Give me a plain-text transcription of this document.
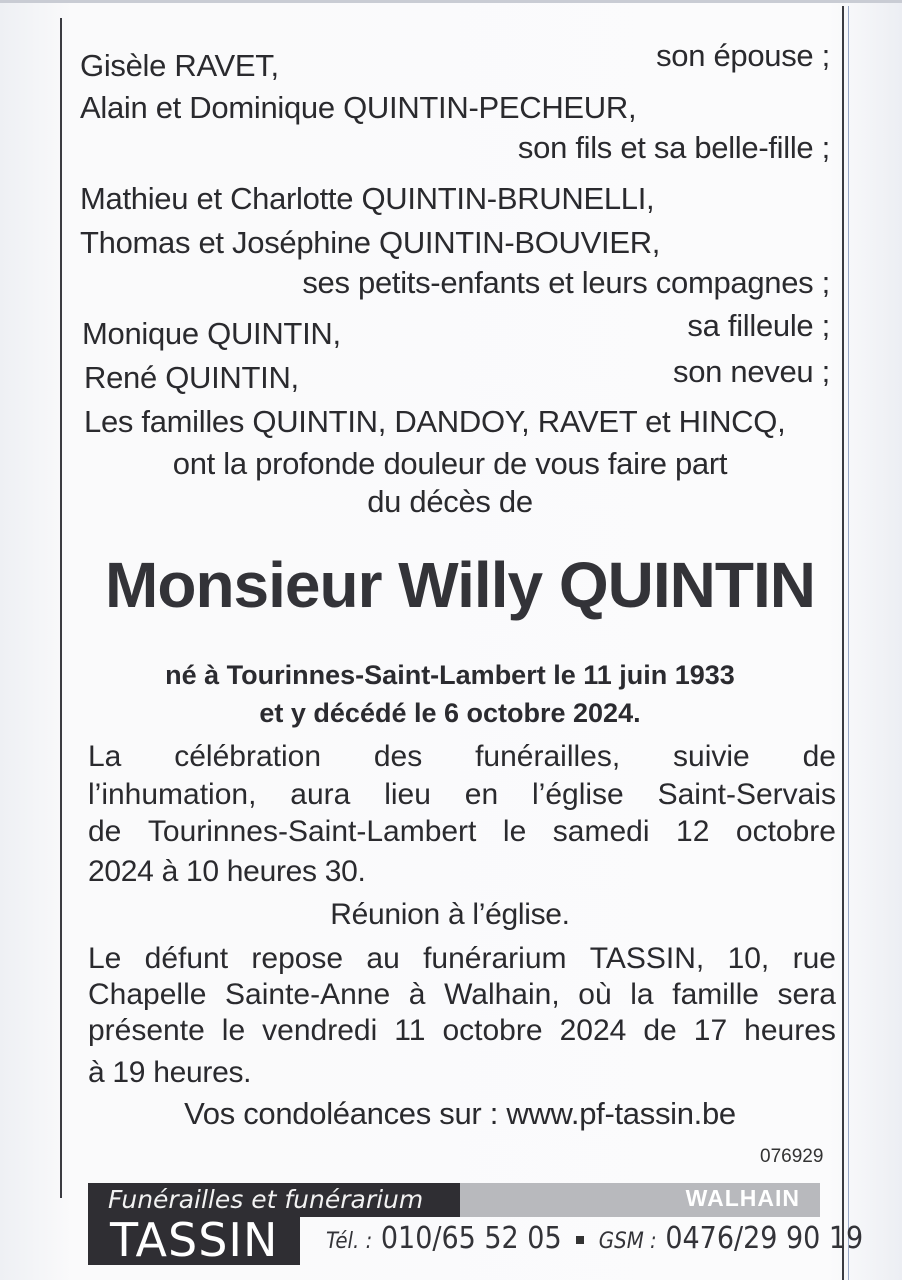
Gisèle RAVET,	son épouse ;
Alain et Dominique QUINTIN-PECHEUR,
son fils et sa belle-fille ;
Mathieu et Charlotte QUINTIN-BRUNELLI,
Thomas et Joséphine QUINTIN-BOUVIER,
ses petits-enfants et leurs compagnes ;
Monique QUINTIN,	sa filleule ;
René QUINTIN,	son neveu ;
Les familles QUINTIN, DANDOY, RAVET et HINCQ,
ont la profonde douleur de vous faire part
du décès de
Monsieur Willy QUINTIN
né à Tourinnes-Saint-Lambert le 11 juin 1933
et y décédé le 6 octobre 2024.
La célébration des funérailles, suivie de
l’inhumation, aura lieu en l’église Saint-Servais
de Tourinnes-Saint-Lambert le samedi 12 octobre
2024 à 10 heures 30.
Réunion à l’église.
Le défunt repose au funérarium TASSIN, 10, rue
Chapelle Sainte-Anne à Walhain, où la famille sera
présente le vendredi 11 octobre 2024 de 17 heures
à 19 heures.
Vos condoléances sur : www.pf-tassin.be
076929
Funérailles et funérarium	WALHAIN
TASSIN Tél. : 010/65 52 05 GSM : 0476/29 90 19
